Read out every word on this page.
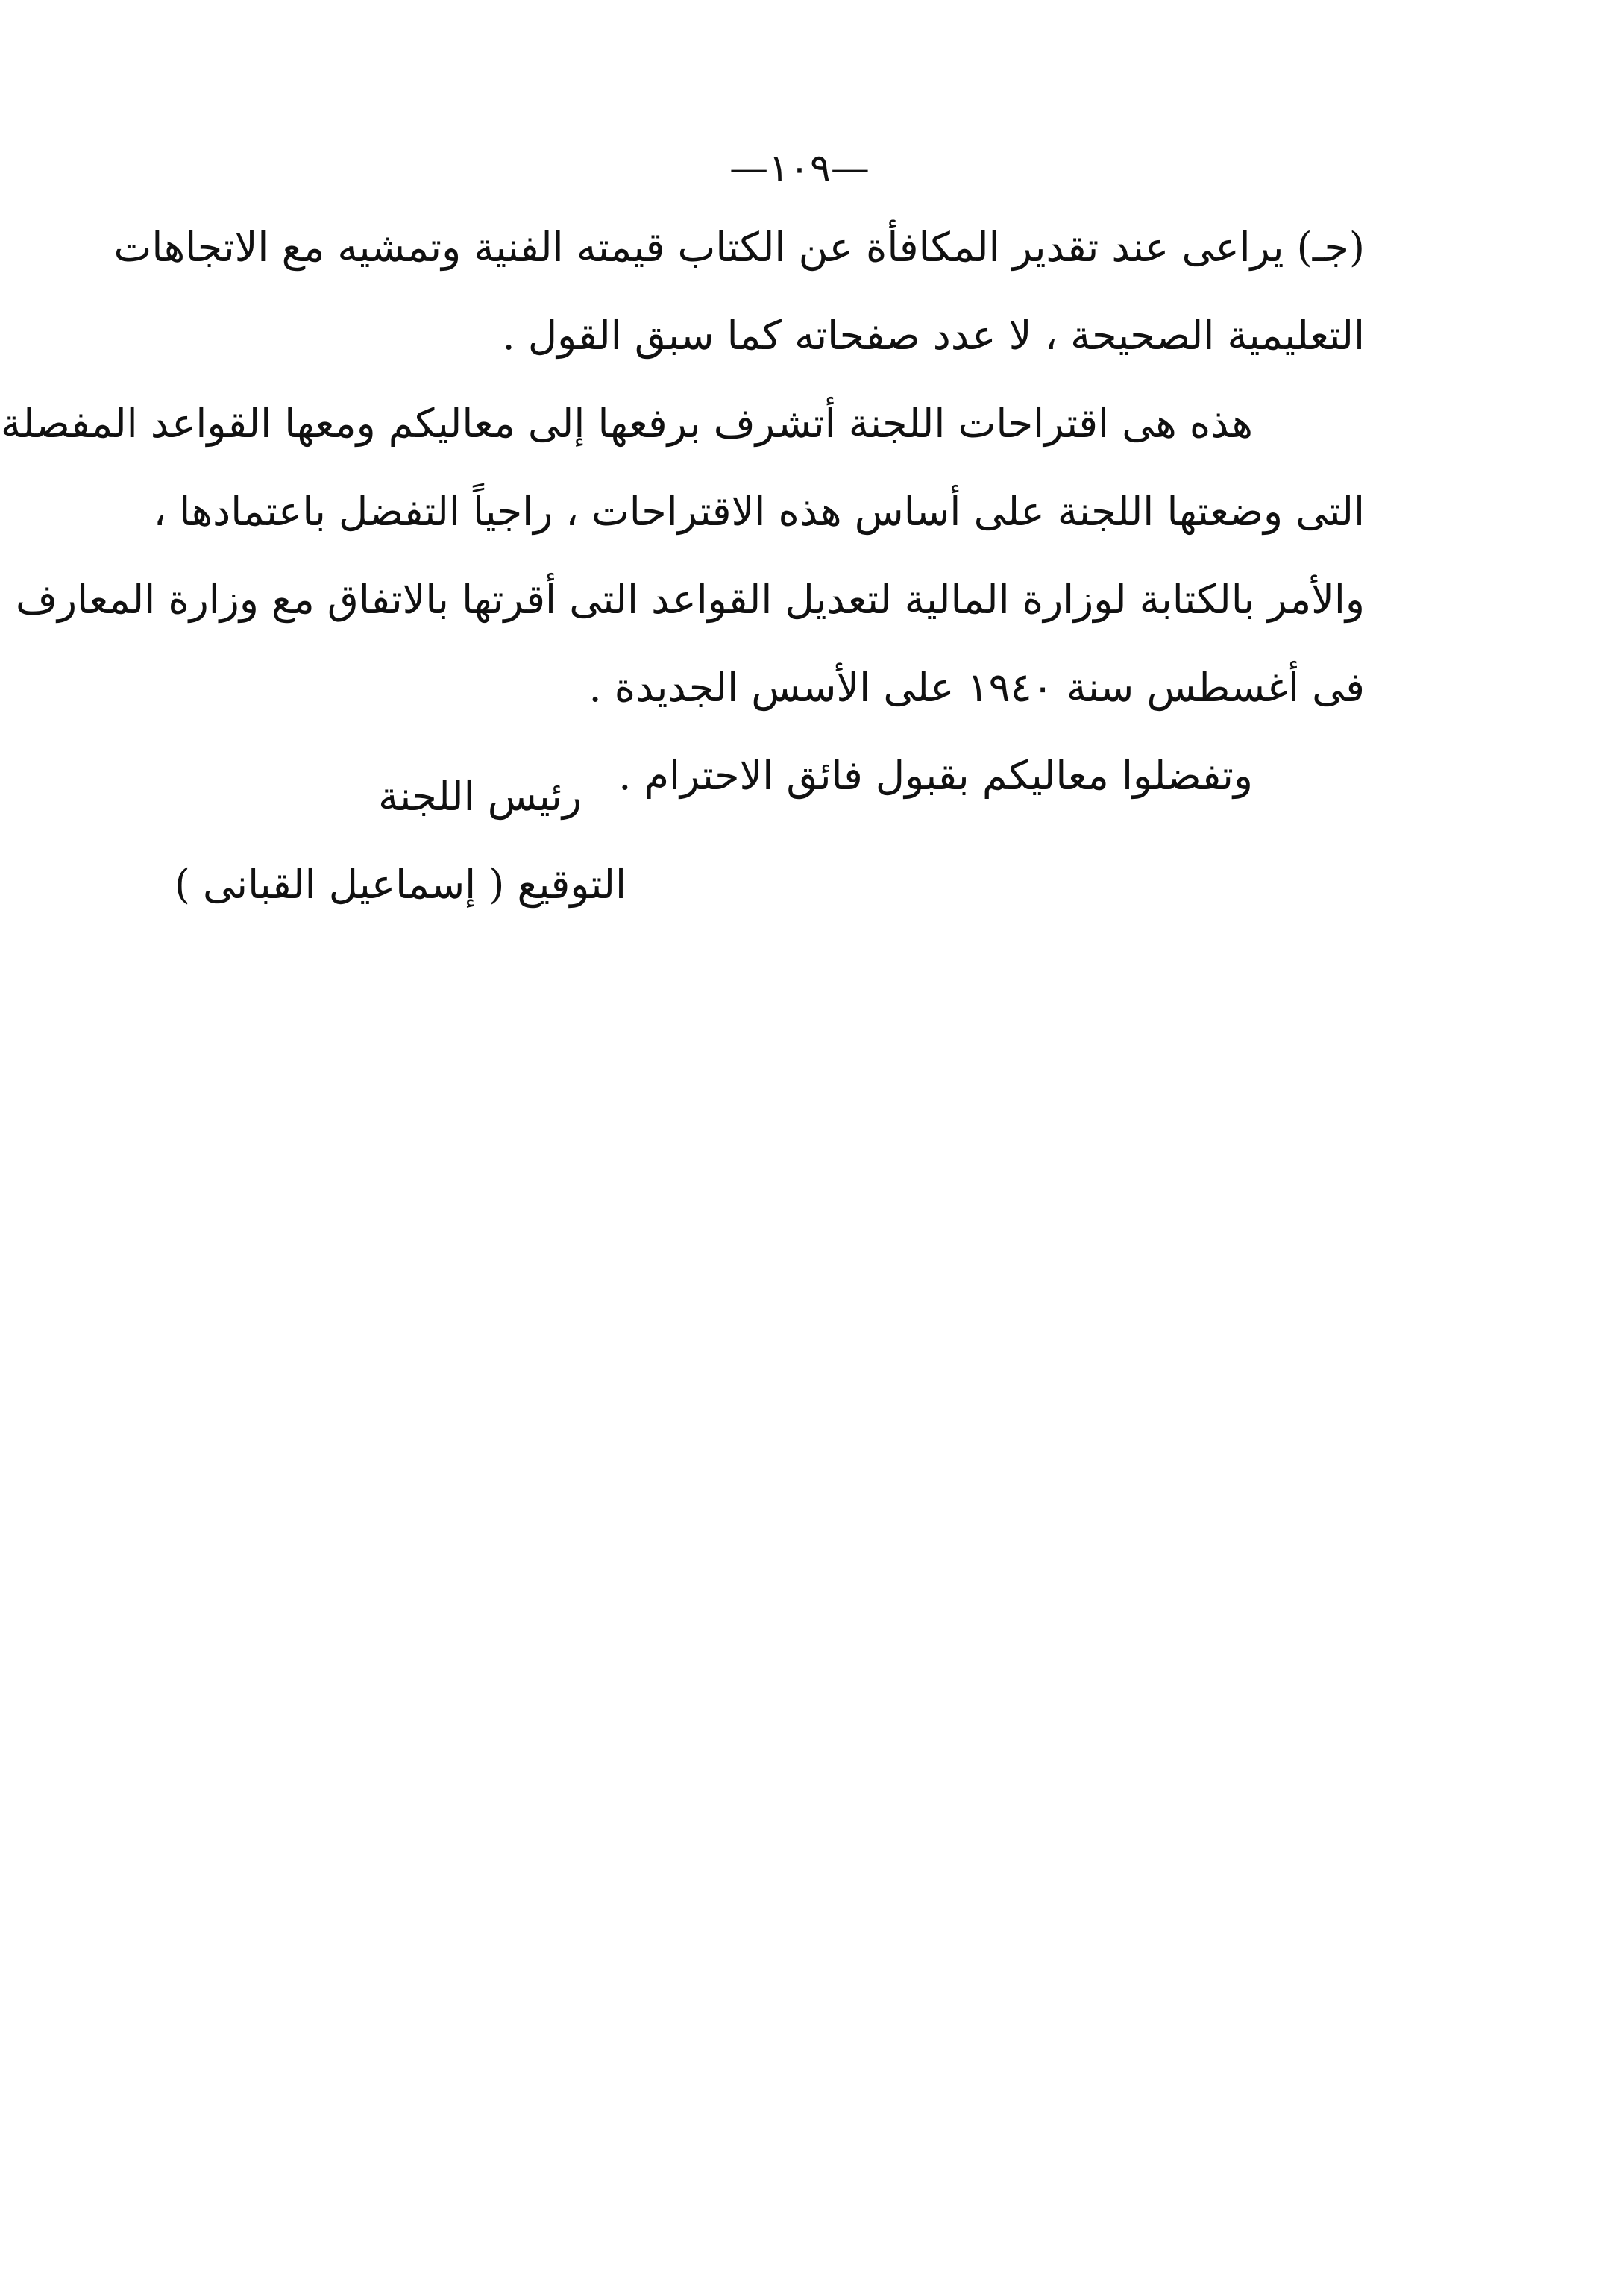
—١٠٩—
(جـ) يراعى عند تقدير المكافأة عن الكتاب قيمته الفنية وتمشيه مع الاتجاهات
التعليمية الصحيحة ، لا عدد صفحاته كما سبق القول .
هذه هى اقتراحات اللجنة أتشرف برفعها إلى معاليكم ومعها القواعد المفصلة
التى وضعتها اللجنة على أساس هذه الاقتراحات ، راجياً التفضل باعتمادها ،
والأمر بالكتابة لوزارة المالية لتعديل القواعد التى أقرتها بالاتفاق مع وزارة المعارف
فى أغسطس سنة ١٩٤٠ على الأسس الجديدة .
وتفضلوا معاليكم بقبول فائق الاحترام .
رئيس اللجنة
التوقيع ( إسماعيل القبانى )
